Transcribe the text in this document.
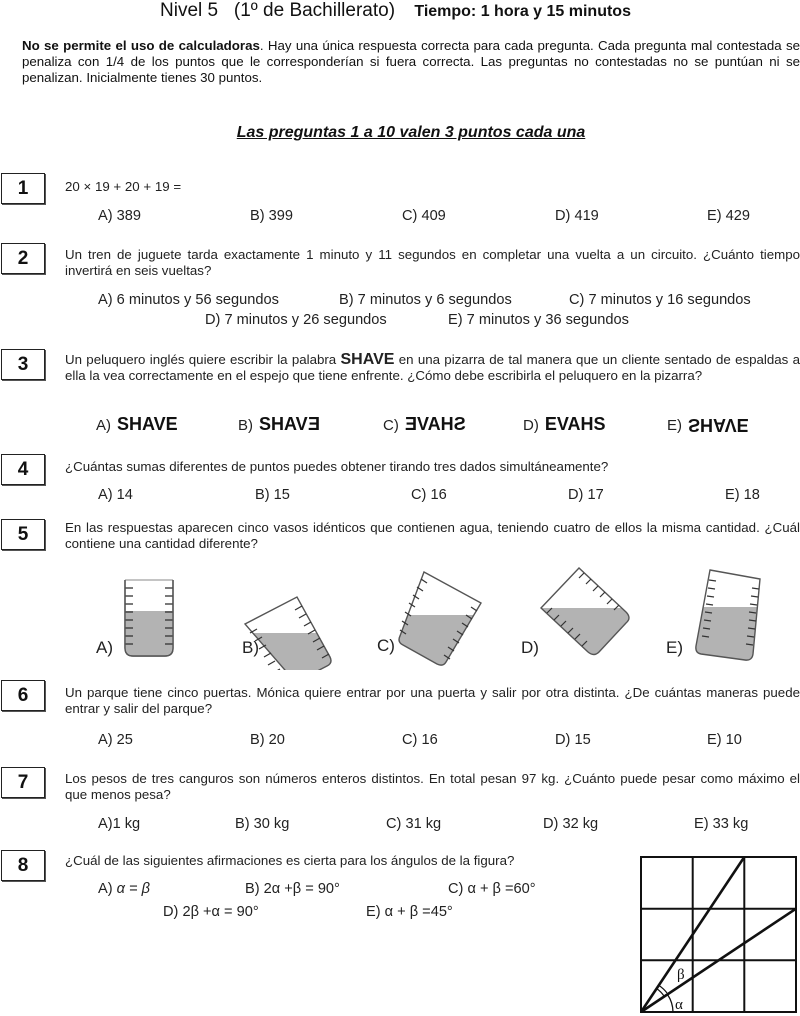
Nivel 5   (1º de Bachillerato) Tiempo: 1 hora y 15 minutos
No se permite el uso de calculadoras. Hay una única respuesta correcta para cada pregunta. Cada pregunta mal contestada se penaliza con 1/4 de los puntos que le corresponderían si fuera correcta. Las preguntas no contestadas no se puntúan ni se penalizan. Inicialmente tienes 30 puntos.
Las preguntas 1 a 10 valen 3 puntos cada una
1	20 × 19 + 20 + 19 =
A) 389	B) 399	C) 409	D) 419	E) 429
2	Un tren de juguete tarda exactamente 1 minuto y 11 segundos en completar una vuelta a un circuito. ¿Cuánto tiempo invertirá en seis vueltas?
A) 6 minutos y 56 segundos	B) 7 minutos y 6 segundos	C) 7 minutos y 16 segundos
D) 7 minutos y 26 segundos	E) 7 minutos y 36 segundos
3	Un peluquero inglés quiere escribir la palabra SHAVE en una pizarra de tal manera que un cliente sentado de espaldas a ella la vea correctamente en el espejo que tiene enfrente. ¿Cómo debe escribirla el peluquero en la pizarra?
A) SHAVE	B) SHAVE	C) SHAVE	D) EVAHS	E) SHAVE
4	¿Cuántas sumas diferentes de puntos puedes obtener tirando tres dados simultáneamente?
A) 14	B) 15	C) 16	D) 17	E) 18
5	En las respuestas aparecen cinco vasos idénticos que contienen agua, teniendo cuatro de ellos la misma cantidad. ¿Cuál contiene una cantidad diferente?
A)	B)	C)	D)	E)
6	Un parque tiene cinco puertas. Mónica quiere entrar por una puerta y salir por otra distinta. ¿De cuántas maneras puede entrar y salir del parque?
A) 25	B) 20	C) 16	D) 15	E) 10
7	Los pesos de tres canguros son números enteros distintos. En total pesan 97 kg. ¿Cuánto puede pesar como máximo el que menos pesa?
A)1 kg	B) 30 kg	C) 31 kg	D) 32 kg	E) 33 kg
8	¿Cuál de las siguientes afirmaciones es cierta para los ángulos de la figura?
A) α = β	B) 2α +β = 90°	C) α + β =60°
D) 2β +α = 90°	E) α + β =45°
α
β
